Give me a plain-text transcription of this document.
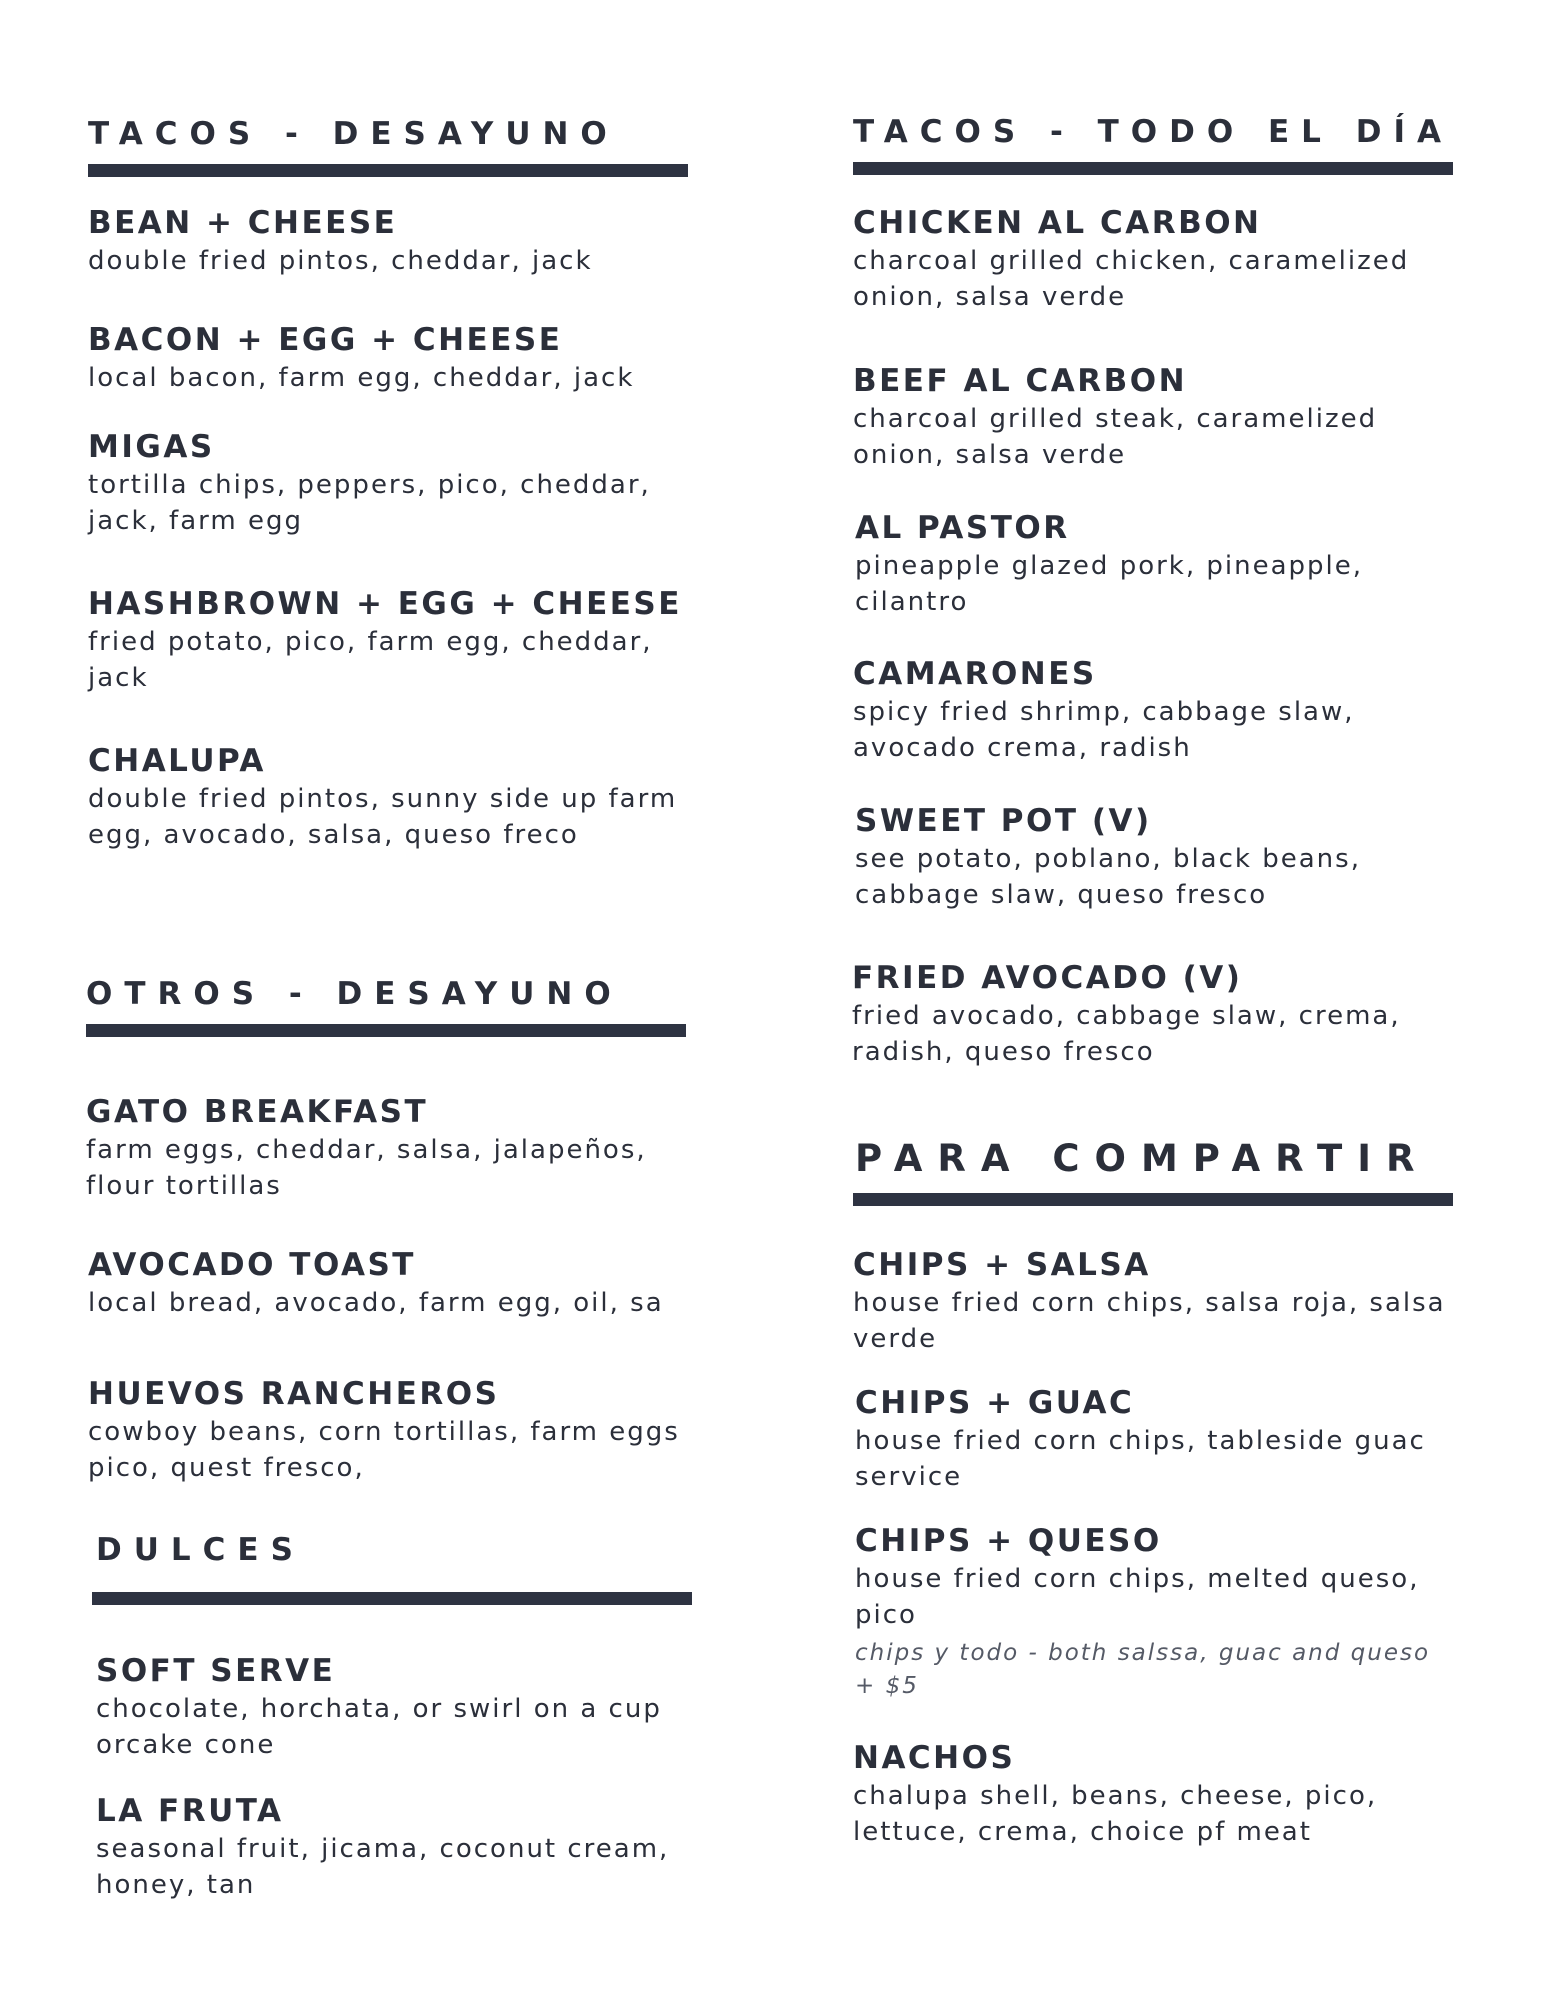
TACOS - DESAYUNO
BEAN + CHEESE
double fried pintos, cheddar, jack
BACON + EGG + CHEESE
local bacon, farm egg, cheddar, jack
MIGAS
tortilla chips, peppers, pico, cheddar, jack, farm egg
HASHBROWN + EGG + CHEESE
fried potato, pico, farm egg, cheddar, jack
CHALUPA
double fried pintos, sunny side up farm egg, avocado, salsa, queso freco
OTROS - DESAYUNO
GATO BREAKFAST
farm eggs, cheddar, salsa, jalapeños, flour tortillas
AVOCADO TOAST
local bread, avocado, farm egg, oil, sa
HUEVOS RANCHEROS
cowboy beans, corn tortillas, farm eggs pico, quest fresco,
DULCES
SOFT SERVE
chocolate, horchata, or swirl on a cup orcake cone
LA FRUTA
seasonal fruit, jicama, coconut cream, honey, tan
TACOS - TODO EL DÍA
CHICKEN AL CARBON
charcoal grilled chicken, caramelized onion, salsa verde
BEEF AL CARBON
charcoal grilled steak, caramelized onion, salsa verde
AL PASTOR
pineapple glazed pork, pineapple, cilantro
CAMARONES
spicy fried shrimp, cabbage slaw, avocado crema, radish
SWEET POT (V)
see potato, poblano, black beans, cabbage slaw, queso fresco
FRIED AVOCADO (V)
fried avocado, cabbage slaw, crema, radish, queso fresco
PARA COMPARTIR
CHIPS + SALSA
house fried corn chips, salsa roja, salsa verde
CHIPS + GUAC
house fried corn chips, tableside guac service
CHIPS + QUESO
house fried corn chips, melted queso, pico
chips y todo - both salssa, guac and queso + $5
NACHOS
chalupa shell, beans, cheese, pico, lettuce, crema, choice pf meat
